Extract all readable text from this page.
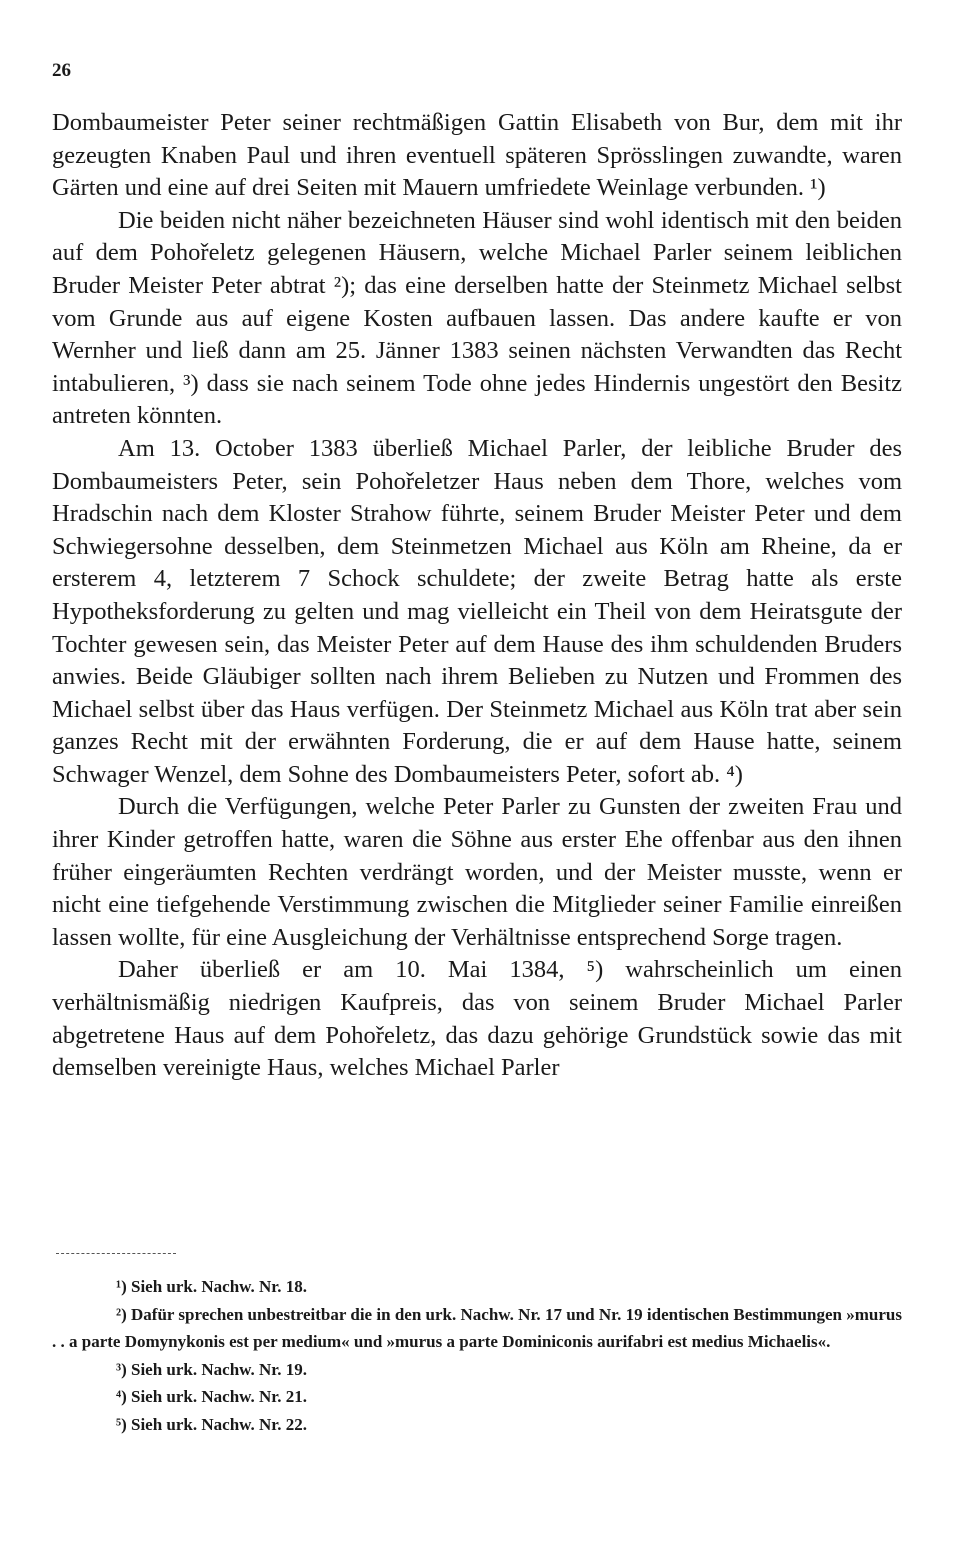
26

Dombaumeister Peter seiner rechtmäßigen Gattin Elisabeth von Bur, dem mit ihr gezeugten Knaben Paul und ihren eventuell späteren Sprösslingen zuwandte, waren Gärten und eine auf drei Seiten mit Mauern umfriedete Weinlage verbunden. ¹)

Die beiden nicht näher bezeichneten Häuser sind wohl identisch mit den beiden auf dem Pohořeletz gelegenen Häusern, welche Michael Parler seinem leiblichen Bruder Meister Peter abtrat ²); das eine derselben hatte der Steinmetz Michael selbst vom Grunde aus auf eigene Kosten aufbauen lassen. Das andere kaufte er von Wernher und ließ dann am 25. Jänner 1383 seinen nächsten Verwandten das Recht intabulieren, ³) dass sie nach seinem Tode ohne jedes Hindernis ungestört den Besitz antreten könnten.

Am 13. October 1383 überließ Michael Parler, der leibliche Bruder des Dombaumeisters Peter, sein Pohořeletzer Haus neben dem Thore, welches vom Hradschin nach dem Kloster Strahow führte, seinem Bruder Meister Peter und dem Schwiegersohne desselben, dem Steinmetzen Michael aus Köln am Rheine, da er ersterem 4, letzterem 7 Schock schuldete; der zweite Betrag hatte als erste Hypotheksforderung zu gelten und mag vielleicht ein Theil von dem Heiratsgute der Tochter gewesen sein, das Meister Peter auf dem Hause des ihm schuldenden Bruders anwies. Beide Gläubiger sollten nach ihrem Belieben zu Nutzen und Frommen des Michael selbst über das Haus verfügen. Der Steinmetz Michael aus Köln trat aber sein ganzes Recht mit der erwähnten Forderung, die er auf dem Hause hatte, seinem Schwager Wenzel, dem Sohne des Dombaumeisters Peter, sofort ab. ⁴)

Durch die Verfügungen, welche Peter Parler zu Gunsten der zweiten Frau und ihrer Kinder getroffen hatte, waren die Söhne aus erster Ehe offenbar aus den ihnen früher eingeräumten Rechten verdrängt worden, und der Meister musste, wenn er nicht eine tiefgehende Verstimmung zwischen die Mitglieder seiner Familie einreißen lassen wollte, für eine Ausgleichung der Verhältnisse entsprechend Sorge tragen.

Daher überließ er am 10. Mai 1384, ⁵) wahrscheinlich um einen verhältnismäßig niedrigen Kaufpreis, das von seinem Bruder Michael Parler abgetretene Haus auf dem Pohořeletz, das dazu gehörige Grundstück sowie das mit demselben vereinigte Haus, welches Michael Parler

¹) Sieh urk. Nachw. Nr. 18.

²) Dafür sprechen unbestreitbar die in den urk. Nachw. Nr. 17 und Nr. 19 identischen Bestimmungen »murus . . a parte Domynykonis est per medium« und »murus a parte Dominiconis aurifabri est medius Michaelis«.

³) Sieh urk. Nachw. Nr. 19.

⁴) Sieh urk. Nachw. Nr. 21.

⁵) Sieh urk. Nachw. Nr. 22.
